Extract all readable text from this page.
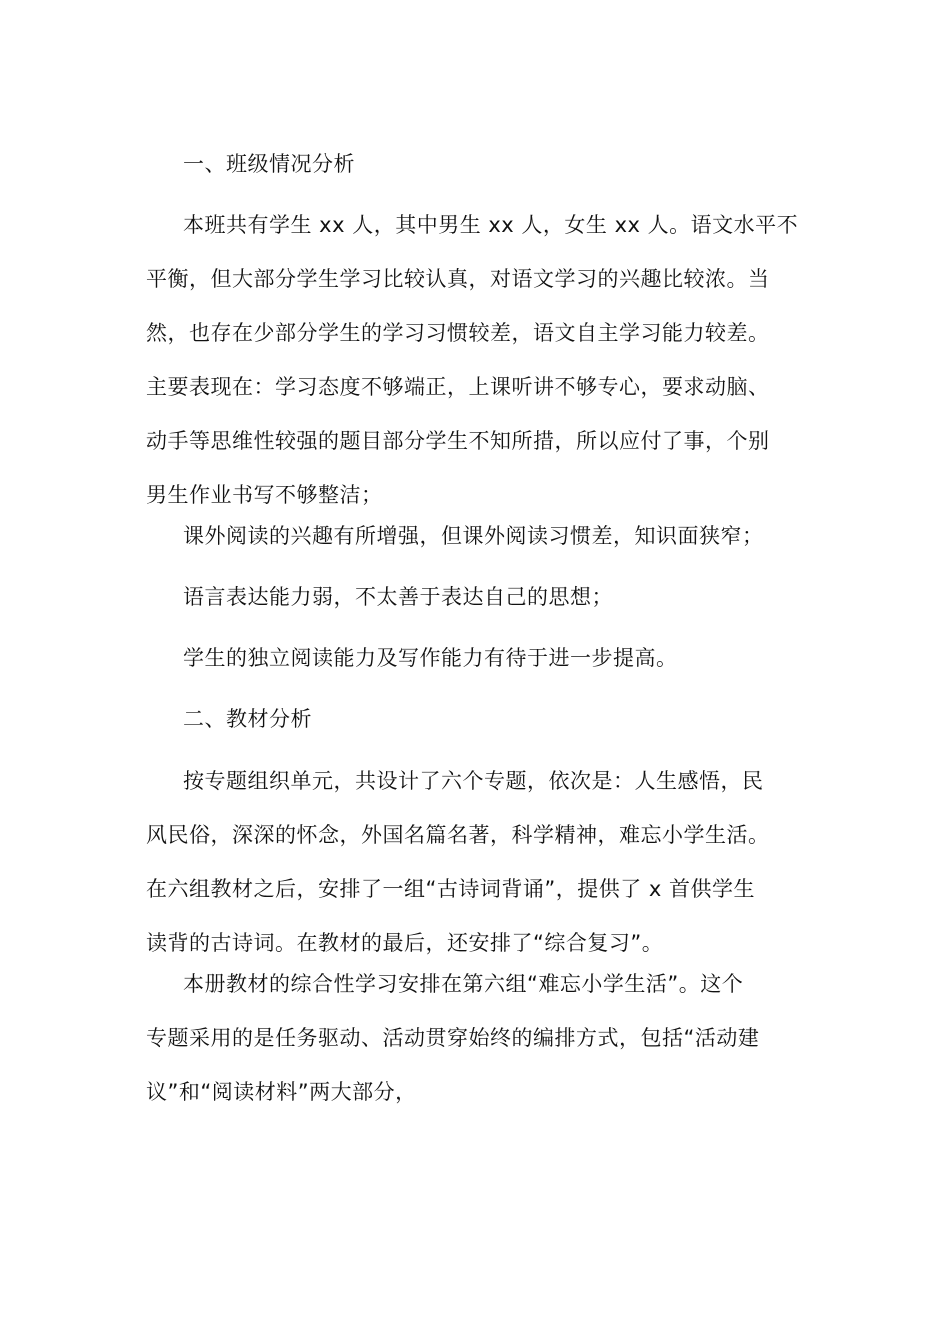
一、班级情况分析
本班共有学生 xx 人，其中男生 xx 人，女生 xx 人。语文水平不
平衡，但大部分学生学习比较认真，对语文学习的兴趣比较浓。当
然，也存在少部分学生的学习习惯较差，语文自主学习能力较差。
主要表现在：学习态度不够端正，上课听讲不够专心，要求动脑、
动手等思维性较强的题目部分学生不知所措，所以应付了事，个别
男生作业书写不够整洁；
课外阅读的兴趣有所增强，但课外阅读习惯差，知识面狭窄；
语言表达能力弱，不太善于表达自己的思想；
学生的独立阅读能力及写作能力有待于进一步提高。
二、教材分析
按专题组织单元，共设计了六个专题，依次是：人生感悟，民
风民俗，深深的怀念，外国名篇名著，科学精神，难忘小学生活。
在六组教材之后，安排了一组“古诗词背诵”，提供了 x 首供学生
读背的古诗词。在教材的最后，还安排了“综合复习”。
本册教材的综合性学习安排在第六组“难忘小学生活”。这个
专题采用的是任务驱动、活动贯穿始终的编排方式，包括“活动建
议”和“阅读材料”两大部分，
